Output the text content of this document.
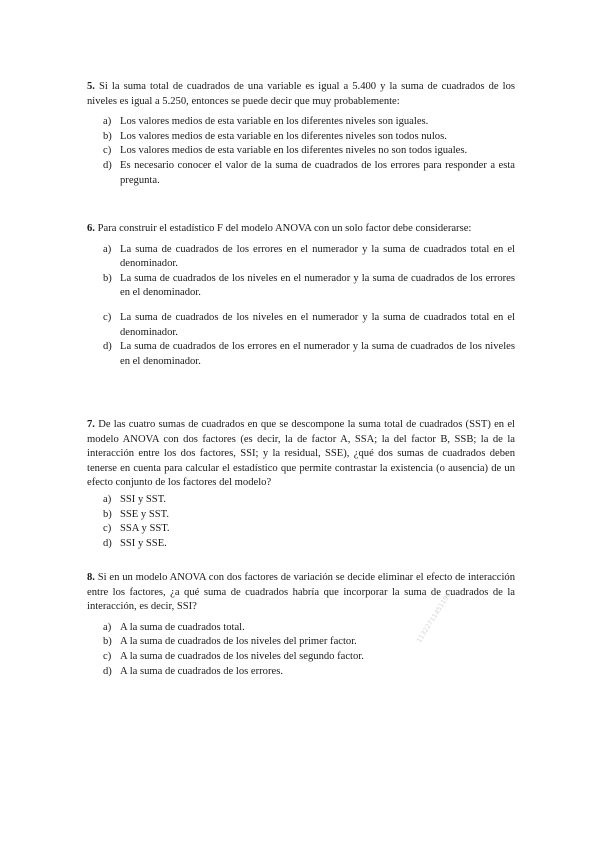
5. Si la suma total de cuadrados de una variable es igual a 5.400 y la suma de cuadrados de los niveles es igual a 5.250, entonces se puede decir que muy probablemente:

a) Los valores medios de esta variable en los diferentes niveles son iguales.
b) Los valores medios de esta variable en los diferentes niveles son todos nulos.
c) Los valores medios de esta variable en los diferentes niveles no son todos iguales.
d) Es necesario conocer el valor de la suma de cuadrados de los errores para responder a esta pregunta.

6. Para construir el estadístico F del modelo ANOVA con un solo factor debe considerarse:

a) La suma de cuadrados de los errores en el numerador y la suma de cuadrados total en el denominador.
b) La suma de cuadrados de los niveles en el numerador y la suma de cuadrados de los errores en el denominador.
c) La suma de cuadrados de los niveles en el numerador y la suma de cuadrados total en el denominador.
d) La suma de cuadrados de los errores en el numerador y la suma de cuadrados de los niveles en el denominador.

7. De las cuatro sumas de cuadrados en que se descompone la suma total de cuadrados (SST) en el modelo ANOVA con dos factores (es decir, la de factor A, SSA; la del factor B, SSB; la de la interacción entre los dos factores, SSI; y la residual, SSE), ¿qué dos sumas de cuadrados deben tenerse en cuenta para calcular el estadístico que permite contrastar la existencia (o ausencia) de un efecto conjunto de los factores del modelo?

a) SSI y SST.
b) SSE y SST.
c) SSA y SST.
d) SSI y SSE.

8. Si en un modelo ANOVA con dos factores de variación se decide eliminar el efecto de interacción entre los factores, ¿a qué suma de cuadrados habría que incorporar la suma de cuadrados de la interacción, es decir, SSI?

a) A la suma de cuadrados total.
b) A la suma de cuadrados de los niveles del primer factor.
c) A la suma de cuadrados de los niveles del segundo factor.
d) A la suma de cuadrados de los errores.
11322711451196
